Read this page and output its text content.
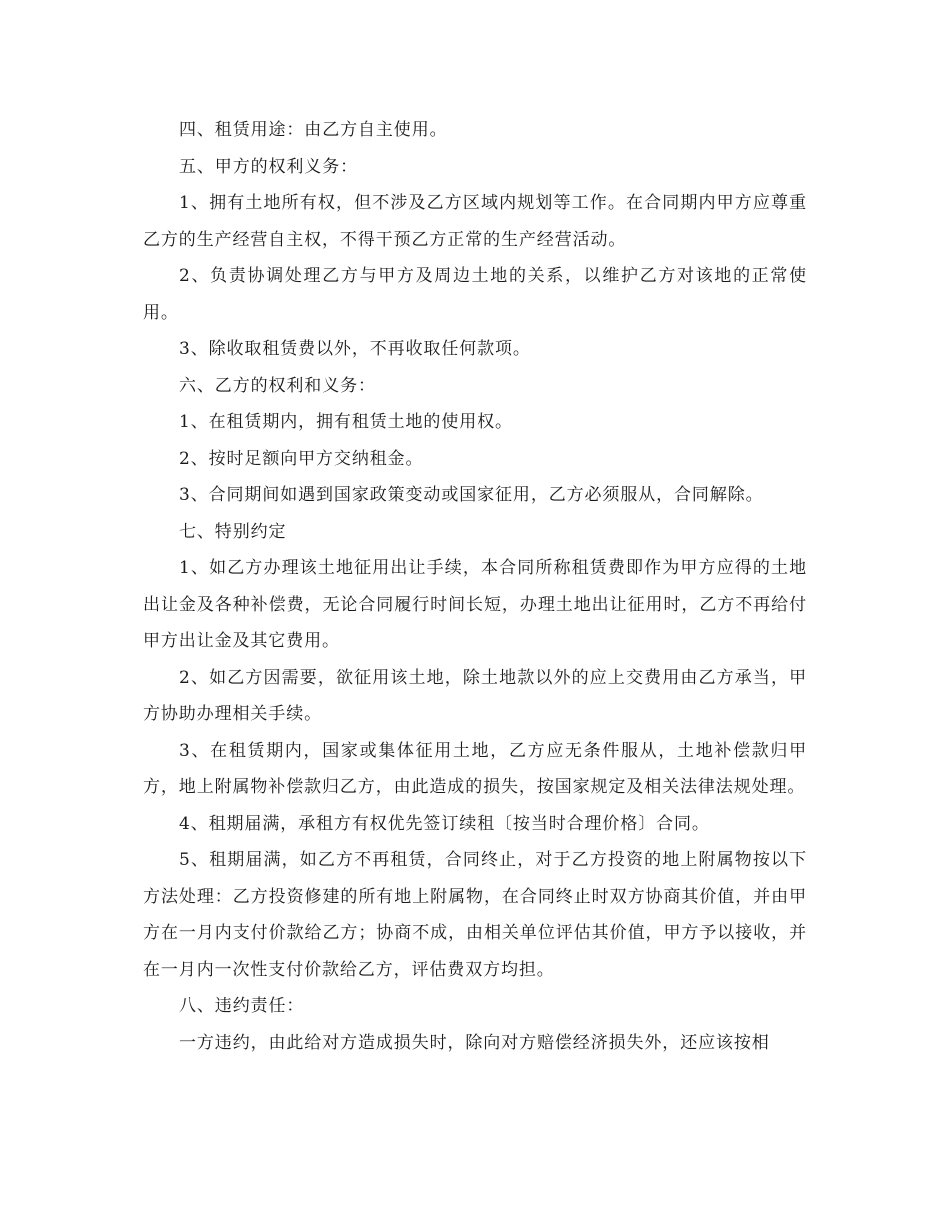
四、租赁用途：由乙方自主使用。

五、甲方的权利义务：

1、拥有土地所有权，但不涉及乙方区域内规划等工作。在合同期内甲方应尊重乙方的生产经营自主权，不得干预乙方正常的生产经营活动。

2、负责协调处理乙方与甲方及周边土地的关系，以维护乙方对该地的正常使用。

3、除收取租赁费以外，不再收取任何款项。

六、乙方的权利和义务：

1、在租赁期内，拥有租赁土地的使用权。

2、按时足额向甲方交纳租金。

3、合同期间如遇到国家政策变动或国家征用，乙方必须服从，合同解除。

七、特别约定

1、如乙方办理该土地征用出让手续，本合同所称租赁费即作为甲方应得的土地出让金及各种补偿费，无论合同履行时间长短，办理土地出让征用时，乙方不再给付甲方出让金及其它费用。

2、如乙方因需要，欲征用该土地，除土地款以外的应上交费用由乙方承当，甲方协助办理相关手续。

3、在租赁期内，国家或集体征用土地，乙方应无条件服从，土地补偿款归甲方，地上附属物补偿款归乙方，由此造成的损失，按国家规定及相关法律法规处理。

4、租期届满，承租方有权优先签订续租〔按当时合理价格〕合同。

5、租期届满，如乙方不再租赁，合同终止，对于乙方投资的地上附属物按以下方法处理：乙方投资修建的所有地上附属物，在合同终止时双方协商其价值，并由甲方在一月内支付价款给乙方；协商不成，由相关单位评估其价值，甲方予以接收，并在一月内一次性支付价款给乙方，评估费双方均担。

八、违约责任：

一方违约，由此给对方造成损失时，除向对方赔偿经济损失外，还应该按相
